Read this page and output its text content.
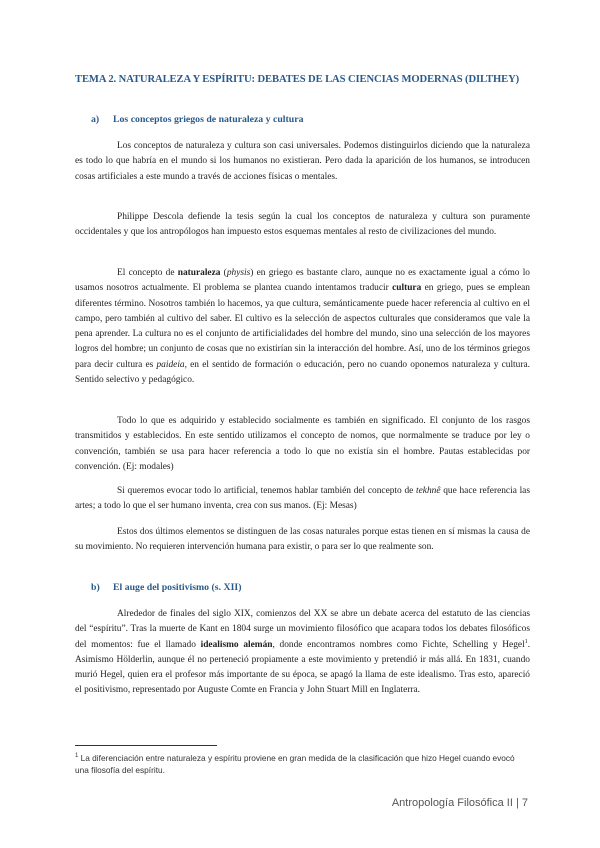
TEMA 2. NATURALEZA Y ESPÍRITU: DEBATES DE LAS CIENCIAS MODERNAS (DILTHEY)
a) Los conceptos griegos de naturaleza y cultura

Los conceptos de naturaleza y cultura son casi universales. Podemos distinguirlos diciendo que la naturaleza es todo lo que habría en el mundo si los humanos no existieran. Pero dada la aparición de los humanos, se introducen cosas artificiales a este mundo a través de acciones físicas o mentales.

Philippe Descola defiende la tesis según la cual los conceptos de naturaleza y cultura son puramente occidentales y que los antropólogos han impuesto estos esquemas mentales al resto de civilizaciones del mundo.

El concepto de naturaleza (physis) en griego es bastante claro, aunque no es exactamente igual a cómo lo usamos nosotros actualmente. El problema se plantea cuando intentamos traducir cultura en griego, pues se emplean diferentes término. Nosotros también lo hacemos, ya que cultura, semánticamente puede hacer referencia al cultivo en el campo, pero también al cultivo del saber. El cultivo es la selección de aspectos culturales que consideramos que vale la pena aprender. La cultura no es el conjunto de artificialidades del hombre del mundo, sino una selección de los mayores logros del hombre; un conjunto de cosas que no existirían sin la interacción del hombre. Así, uno de los términos griegos para decir cultura es paideia, en el sentido de formación o educación, pero no cuando oponemos naturaleza y cultura. Sentido selectivo y pedagógico.

Todo lo que es adquirido y establecido socialmente es también en significado. El conjunto de los rasgos transmitidos y establecidos. En este sentido utilizamos el concepto de nomos, que normalmente se traduce por ley o convención, también se usa para hacer referencia a todo lo que no existía sin el hombre. Pautas establecidas por convención. (Ej: modales)

Si queremos evocar todo lo artificial, tenemos hablar también del concepto de tekhnê que hace referencia las artes; a todo lo que el ser humano inventa, crea con sus manos. (Ej: Mesas)

Estos dos últimos elementos se distinguen de las cosas naturales porque estas tienen en sí mismas la causa de su movimiento. No requieren intervención humana para existir, o para ser lo que realmente son.

b) El auge del positivismo (s. XII)

Alrededor de finales del siglo XIX, comienzos del XX se abre un debate acerca del estatuto de las ciencias del “espíritu”. Tras la muerte de Kant en 1804 surge un movimiento filosófico que acapara todos los debates filosóficos del momentos: fue el llamado idealismo alemán, donde encontramos nombres como Fichte, Schelling y Hegel$^1$. Asimismo Hölderlin, aunque él no perteneció propiamente a este movimiento y pretendió ir más allá. En 1831, cuando murió Hegel, quien era el profesor más importante de su época, se apagó la llama de este idealismo. Tras esto, apareció el positivismo, representado por Auguste Comte en Francia y John Stuart Mill en Inglaterra.

$^1$ La diferenciación entre naturaleza y espíritu proviene en gran medida de la clasificación que hizo Hegel cuando evocó una filosofía del espíritu.
Antropología Filosófica II | 7
